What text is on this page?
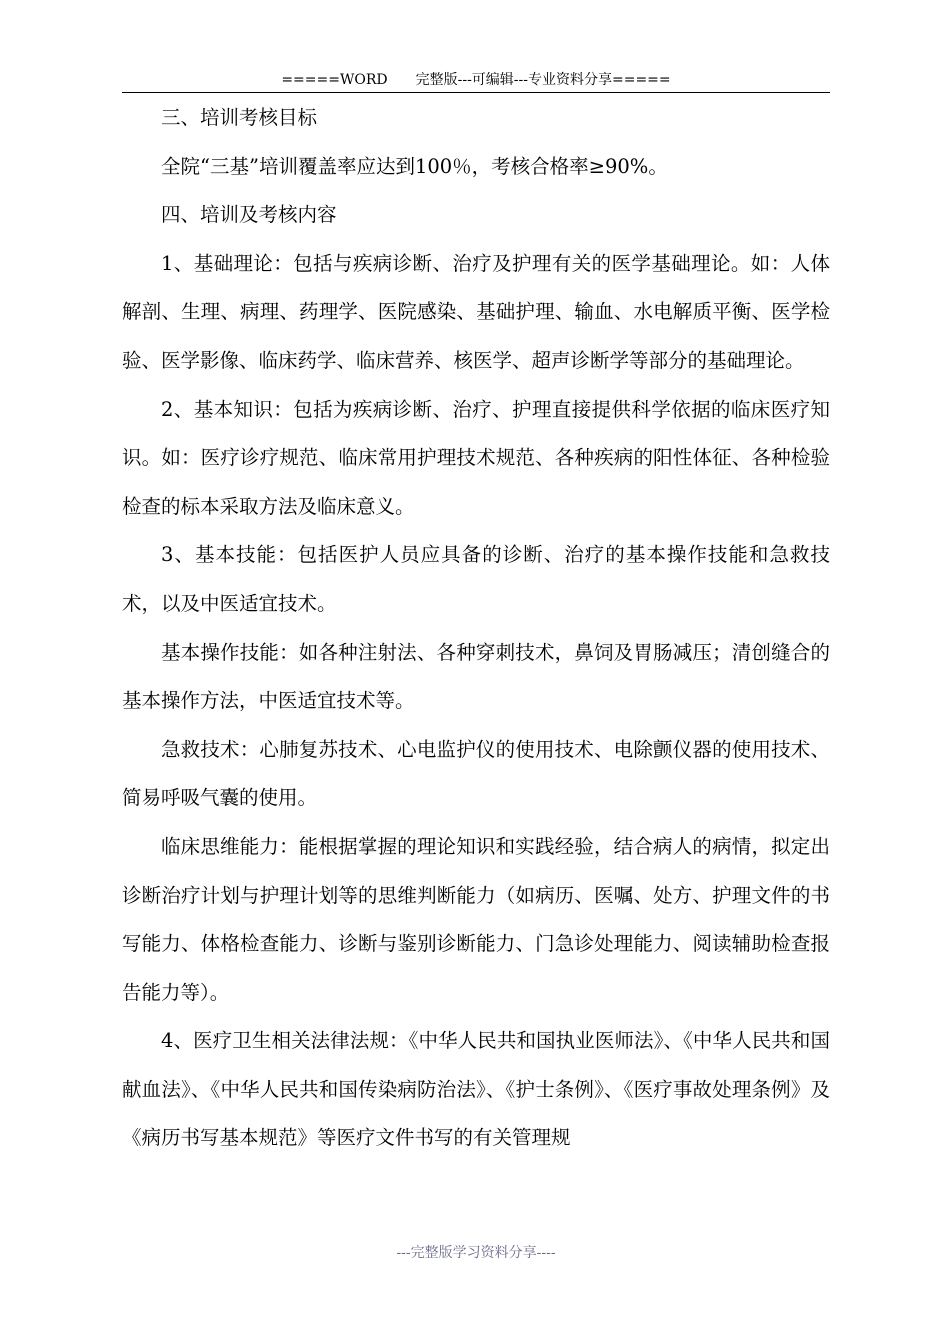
=====WORD　　完整版---可编辑---专业资料分享=====

三、培训考核目标

全院“三基”培训覆盖率应达到100％，考核合格率≥90%。

四、培训及考核内容

1、基础理论：包括与疾病诊断、治疗及护理有关的医学基础理论。如：人体解剖、生理、病理、药理学、医院感染、基础护理、输血、水电解质平衡、医学检验、医学影像、临床药学、临床营养、核医学、超声诊断学等部分的基础理论。

2、基本知识：包括为疾病诊断、治疗、护理直接提供科学依据的临床医疗知识。如：医疗诊疗规范、临床常用护理技术规范、各种疾病的阳性体征、各种检验检查的标本采取方法及临床意义。

3、基本技能：包括医护人员应具备的诊断、治疗的基本操作技能和急救技术，以及中医适宜技术。

基本操作技能：如各种注射法、各种穿刺技术，鼻饲及胃肠减压；清创缝合的基本操作方法，中医适宜技术等。

急救技术：心肺复苏技术、心电监护仪的使用技术、电除颤仪器的使用技术、简易呼吸气囊的使用。

临床思维能力：能根据掌握的理论知识和实践经验，结合病人的病情，拟定出诊断治疗计划与护理计划等的思维判断能力（如病历、医嘱、处方、护理文件的书写能力、体格检查能力、诊断与鉴别诊断能力、门急诊处理能力、阅读辅助检查报告能力等）。

4、医疗卫生相关法律法规：《中华人民共和国执业医师法》、《中华人民共和国献血法》、《中华人民共和国传染病防治法》、《护士条例》、《医疗事故处理条例》及《病历书写基本规范》等医疗文件书写的有关管理规

---完整版学习资料分享----
